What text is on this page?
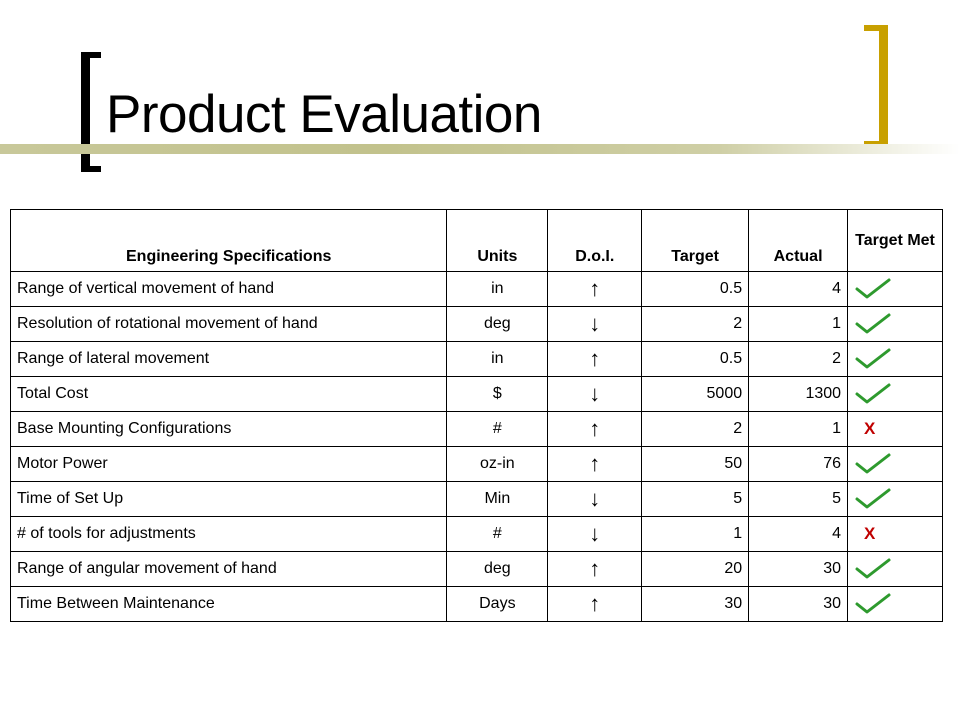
Product Evaluation
Engineering Specifications	Units	D.o.I.	Target	Actual	Target Met
Range of vertical movement of hand	in	↑	0.5	4	
Resolution of rotational movement of hand	deg	↓	2	1	
Range of lateral movement	in	↑	0.5	2	
Total Cost	$	↓	5000	1300	
Base Mounting Configurations	#	↑	2	1	X
Motor Power	oz-in	↑	50	76	
Time of Set Up	Min	↓	5	5	
# of tools for adjustments	#	↓	1	4	X
Range of angular movement of hand	deg	↑	20	30	
Time Between Maintenance	Days	↑	30	30	
